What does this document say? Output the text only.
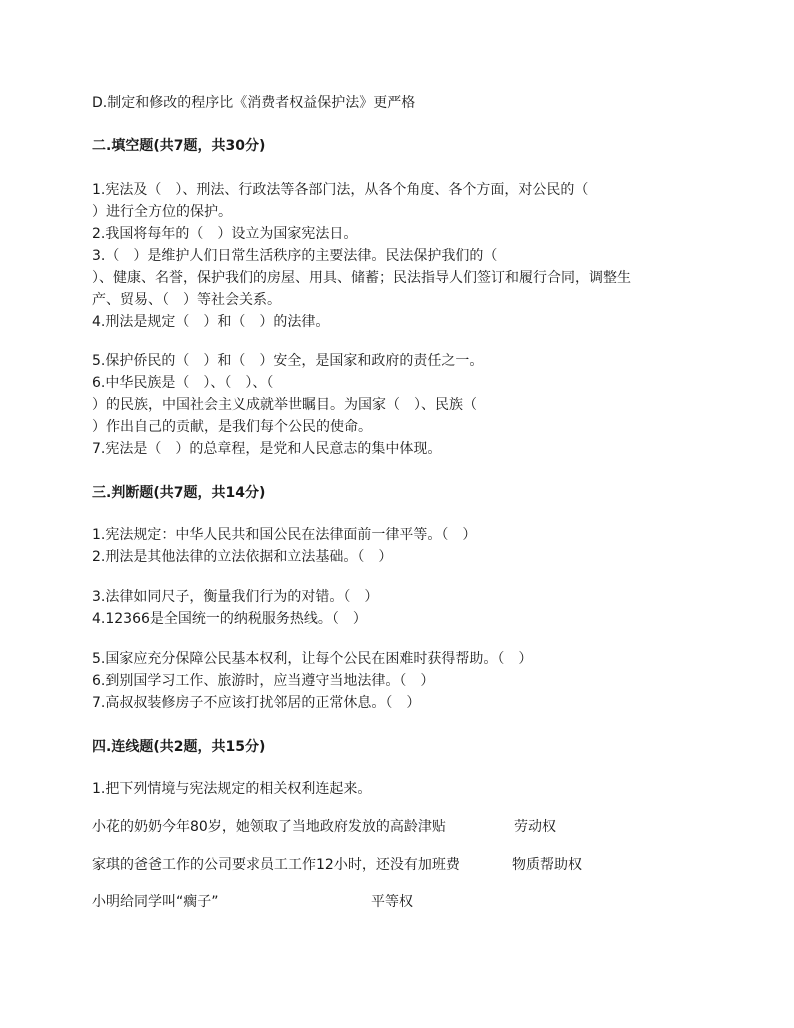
D.制定和修改的程序比《消费者权益保护法》更严格
二.填空题(共7题，共30分)
1.宪法及（　）、刑法、行政法等各部门法，从各个角度、各个方面，对公民的（
）进行全方位的保护。
2.我国将每年的（　）设立为国家宪法日。
3.（　）是维护人们日常生活秩序的主要法律。民法保护我们的（
）、健康、名誉，保护我们的房屋、用具、储蓄；民法指导人们签订和履行合同，调整生
产、贸易、（　）等社会关系。
4.刑法是规定（　）和（　）的法律。
5.保护侨民的（　）和（　）安全，是国家和政府的责任之一。
6.中华民族是（　）、（　）、（
）的民族，中国社会主义成就举世瞩目。为国家（　）、民族（
）作出自己的贡献，是我们每个公民的使命。
7.宪法是（　）的总章程，是党和人民意志的集中体现。
三.判断题(共7题，共14分)
1.宪法规定：中华人民共和国公民在法律面前一律平等。（　）
2.刑法是其他法律的立法依据和立法基础。（　）
3.法律如同尺子，衡量我们行为的对错。（　）
4.12366是全国统一的纳税服务热线。（　）
5.国家应充分保障公民基本权利，让每个公民在困难时获得帮助。（　）
6.到别国学习工作、旅游时，应当遵守当地法律。（　）
7.高叔叔装修房子不应该打扰邻居的正常休息。（　）
四.连线题(共2题，共15分)
1.把下列情境与宪法规定的相关权利连起来。
小花的奶奶今年80岁，她领取了当地政府发放的高龄津贴	劳动权
家琪的爸爸工作的公司要求员工工作12小时，还没有加班费	物质帮助权
小明给同学叫“瘸子”	平等权
